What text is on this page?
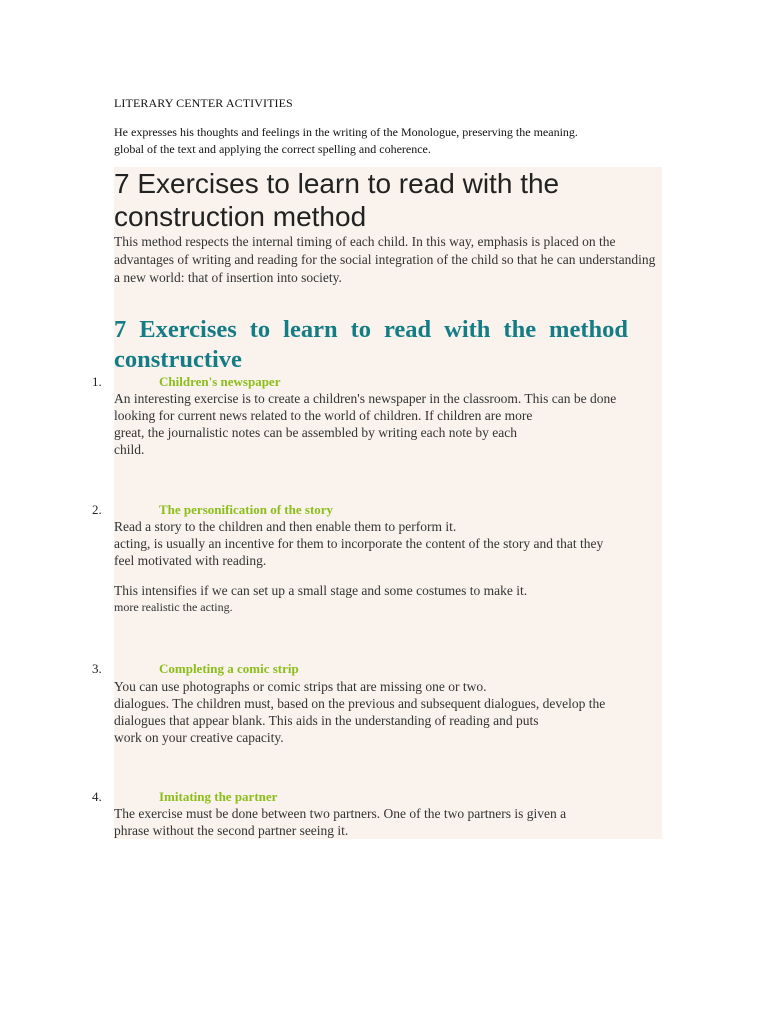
LITERARY CENTER ACTIVITIES

He expresses his thoughts and feelings in the writing of the Monologue, preserving the meaning.

global of the text and applying the correct spelling and coherence.

7 Exercises to learn to read with the construction method
This method respects the internal timing of each child. In this way, emphasis is placed on the advantages of writing and reading for the social integration of the child so that he can understanding a new world: that of insertion into society.
7 Exercises to learn to read with the method constructive
1.	Children's newspaper

An interesting exercise is to create a children's newspaper in the classroom. This can be done

looking for current news related to the world of children. If children are more

great, the journalistic notes can be assembled by writing each note by each

child.

2.	The personification of the story

Read a story to the children and then enable them to perform it.

acting, is usually an incentive for them to incorporate the content of the story and that they

feel motivated with reading.

This intensifies if we can set up a small stage and some costumes to make it.

more realistic the acting.

3.	Completing a comic strip

You can use photographs or comic strips that are missing one or two.

dialogues. The children must, based on the previous and subsequent dialogues, develop the

dialogues that appear blank. This aids in the understanding of reading and puts

work on your creative capacity.

4.	Imitating the partner

The exercise must be done between two partners. One of the two partners is given a

phrase without the second partner seeing it.
